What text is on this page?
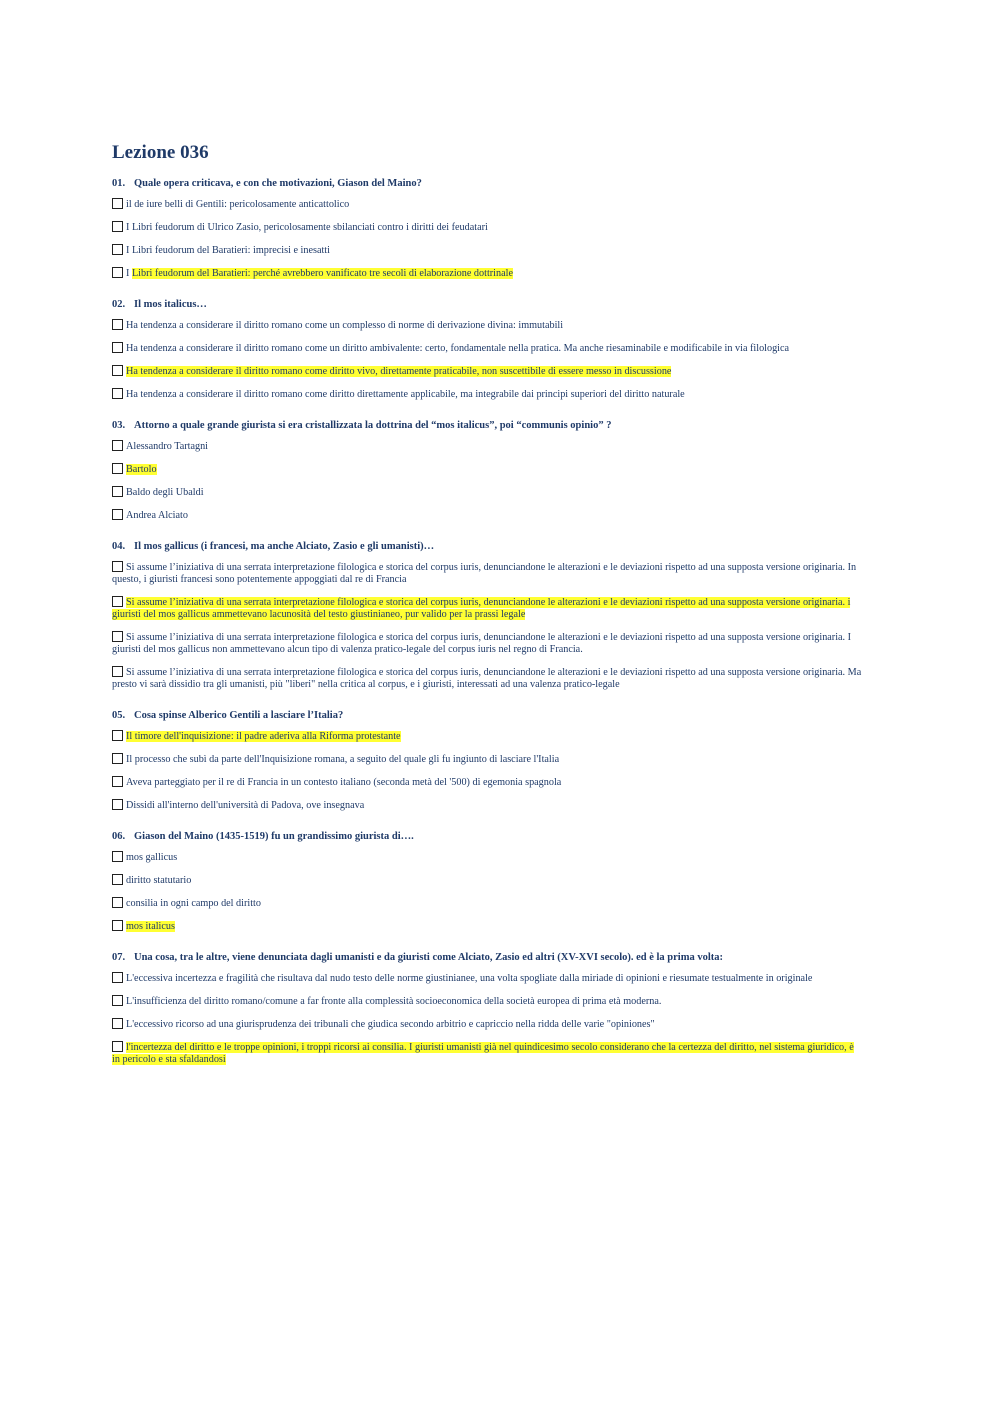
Lezione 036
01. Quale opera criticava, e con che motivazioni, Giason del Maino?
il de iure belli di Gentili: pericolosamente anticattolico
I Libri feudorum di Ulrico Zasio, pericolosamente sbilanciati contro i diritti dei feudatari
I Libri feudorum del Baratieri: imprecisi e inesatti
I Libri feudorum del Baratieri: perché avrebbero vanificato tre secoli di elaborazione dottrinale
02. Il mos italicus…
Ha tendenza a considerare il diritto romano come un complesso di norme di derivazione divina: immutabili
Ha tendenza a considerare il diritto romano come un diritto ambivalente: certo, fondamentale nella pratica. Ma anche riesaminabile e modificabile in via filologica
Ha tendenza a considerare il diritto romano come diritto vivo, direttamente praticabile, non suscettibile di essere messo in discussione
Ha tendenza a considerare il diritto romano come diritto direttamente applicabile, ma integrabile dai principi superiori del diritto naturale
03. Attorno a quale grande giurista si era cristallizzata la dottrina del “mos italicus”, poi “communis opinio” ?
Alessandro Tartagni
Bartolo
Baldo degli Ubaldi
Andrea Alciato
04. Il mos gallicus (i francesi, ma anche Alciato, Zasio e gli umanisti)…
Si assume l’iniziativa di una serrata interpretazione filologica e storica del corpus iuris, denunciandone le alterazioni e le deviazioni rispetto ad una supposta versione originaria. In questo, i giuristi francesi sono potentemente appoggiati dal re di Francia
Si assume l’iniziativa di una serrata interpretazione filologica e storica del corpus iuris, denunciandone le alterazioni e le deviazioni rispetto ad una supposta versione originaria. i giuristi del mos gallicus ammettevano lacunosità del testo giustinianeo, pur valido per la prassi legale
Si assume l’iniziativa di una serrata interpretazione filologica e storica del corpus iuris, denunciandone le alterazioni e le deviazioni rispetto ad una supposta versione originaria. I giuristi del mos gallicus non ammettevano alcun tipo di valenza pratico-legale del corpus iuris nel regno di Francia.
Si assume l’iniziativa di una serrata interpretazione filologica e storica del corpus iuris, denunciandone le alterazioni e le deviazioni rispetto ad una supposta versione originaria. Ma presto vi sarà dissidio tra gli umanisti, più "liberi" nella critica al corpus, e i giuristi, interessati ad una valenza pratico-legale
05. Cosa spinse Alberico Gentili a lasciare l’Italia?
Il timore dell'inquisizione: il padre aderiva alla Riforma protestante
Il processo che subì da parte dell'Inquisizione romana, a seguito del quale gli fu ingiunto di lasciare l'Italia
Aveva parteggiato per il re di Francia in un contesto italiano (seconda metà del '500) di egemonia spagnola
Dissidi all'interno dell'università di Padova, ove insegnava
06. Giason del Maino (1435-1519) fu un grandissimo giurista di….
mos gallicus
diritto statutario
consilia in ogni campo del diritto
mos italicus
07. Una cosa, tra le altre, viene denunciata dagli umanisti e da giuristi come Alciato, Zasio ed altri (XV-XVI secolo). ed è la prima volta:
L'eccessiva incertezza e fragilità che risultava dal nudo testo delle norme giustinianee, una volta spogliate dalla miriade di opinioni e riesumate testualmente in originale
L'insufficienza del diritto romano/comune a far fronte alla complessità socioeconomica della società europea di prima età moderna.
L'eccessivo ricorso ad una giurisprudenza dei tribunali che giudica secondo arbitrio e capriccio nella ridda delle varie "opiniones"
l'incertezza del diritto e le troppe opinioni, i troppi ricorsi ai consilia. I giuristi umanisti già nel quindicesimo secolo considerano che la certezza del diritto, nel sistema giuridico, è in pericolo e sta sfaldandosi
